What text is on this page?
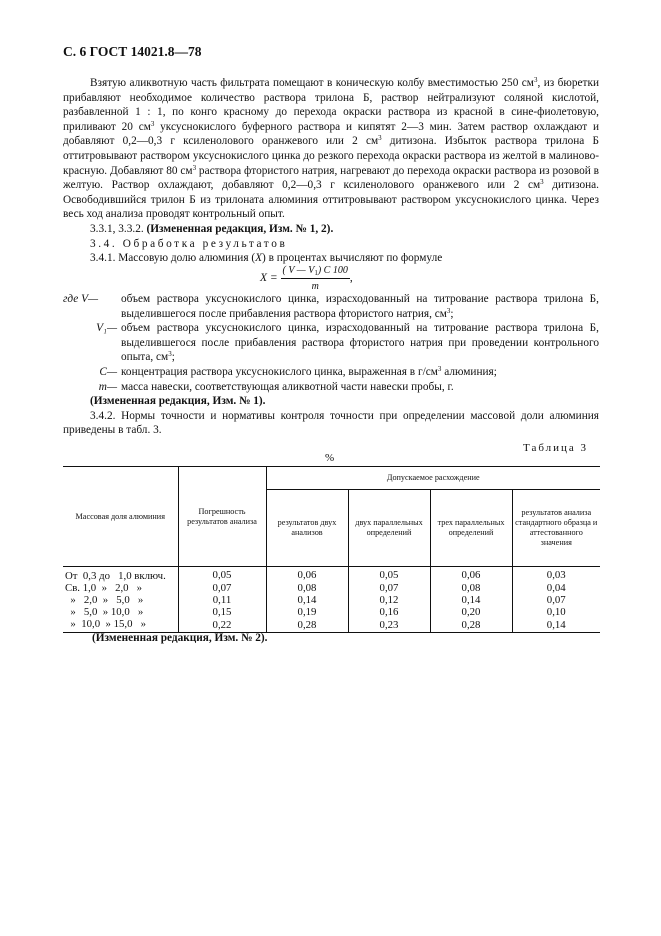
С. 6 ГОСТ 14021.8—78

Взятую аликвотную часть фильтрата помещают в коническую колбу вместимостью 250 $см^3$, из бюретки прибавляют необходимое количество раствора трилона Б, раствор нейтрализуют соляной кислотой, разбавленной 1 : 1, по конго красному до перехода окраски раствора из красной в сине-фиолетовую, приливают 20 $см^3$ уксуснокислого буферного раствора и кипятят 2—3 мин. Затем раствор охлаждают и добавляют 0,2—0,3 г ксиленолового оранжевого или 2 $см^3$ дитизона. Избыток раствора трилона Б оттитровывают раствором уксуснокислого цинка до резкого перехода окраски раствора из желтой в малиново-красную. Добавляют 80 $см^3$ раствора фтористого натрия, нагревают до перехода окраски раствора из розовой в желтую. Раствор охлаждают, добавляют 0,2—0,3 г ксиленолового оранжевого или 2 $см^3$ дитизона. Освободившийся трилон Б из трилоната алюминия оттитровывают раствором уксуснокислого цинка. Через весь ход анализа проводят контрольный опыт.

3.3.1, 3.3.2. (Измененная редакция, Изм. № 1, 2).

3.4. Обработка результатов

3.4.1. Массовую долю алюминия (X) в процентах вычисляют по формуле

$X = \frac{( V — V_1) C 100}{m}$ ,
где V—	объем раствора уксуснокислого цинка, израсходованный на титрование раствора трилона Б, выделившегося после прибавления раствора фтористого натрия, $см^3$;
V₁— объем раствора уксуснокислого цинка, израсходованный на титрование раствора трилона Б, выделившегося после прибавления раствора фтористого натрия при проведении контрольного опыта, $см^3$;
C— концентрация раствора уксуснокислого цинка, выраженная в $г/см^3$ алюминия;
m— масса навески, соответствующая аликвотной части навески пробы, г.

(Измененная редакция, Изм. № 1).

3.4.2. Нормы точности и нормативы контроля точности при определении массовой доли алюминия приведены в табл. 3.

Таблица 3
%
Массовая доля алюминия	Погрешность результатов анализа	Допускаемое расхождение			
		результатов двух анализов	двух параллельных определений	трех параллельных определений	результатов анализа стандартного образца и аттестованного значения
От  0,3 до   1,0 включ.	0,05	0,06	0,05	0,06	0,03
Св. 1,0  »   2,0   »	0,07	0,08	0,07	0,08	0,04
»   2,0  »   5,0   »	0,11	0,14	0,12	0,14	0,07
»   5,0  » 10,0   »	0,15	0,19	0,16	0,20	0,10
»  10,0  » 15,0   »	0,22	0,28	0,23	0,28	0,14
(Измененная редакция, Изм. № 2).
